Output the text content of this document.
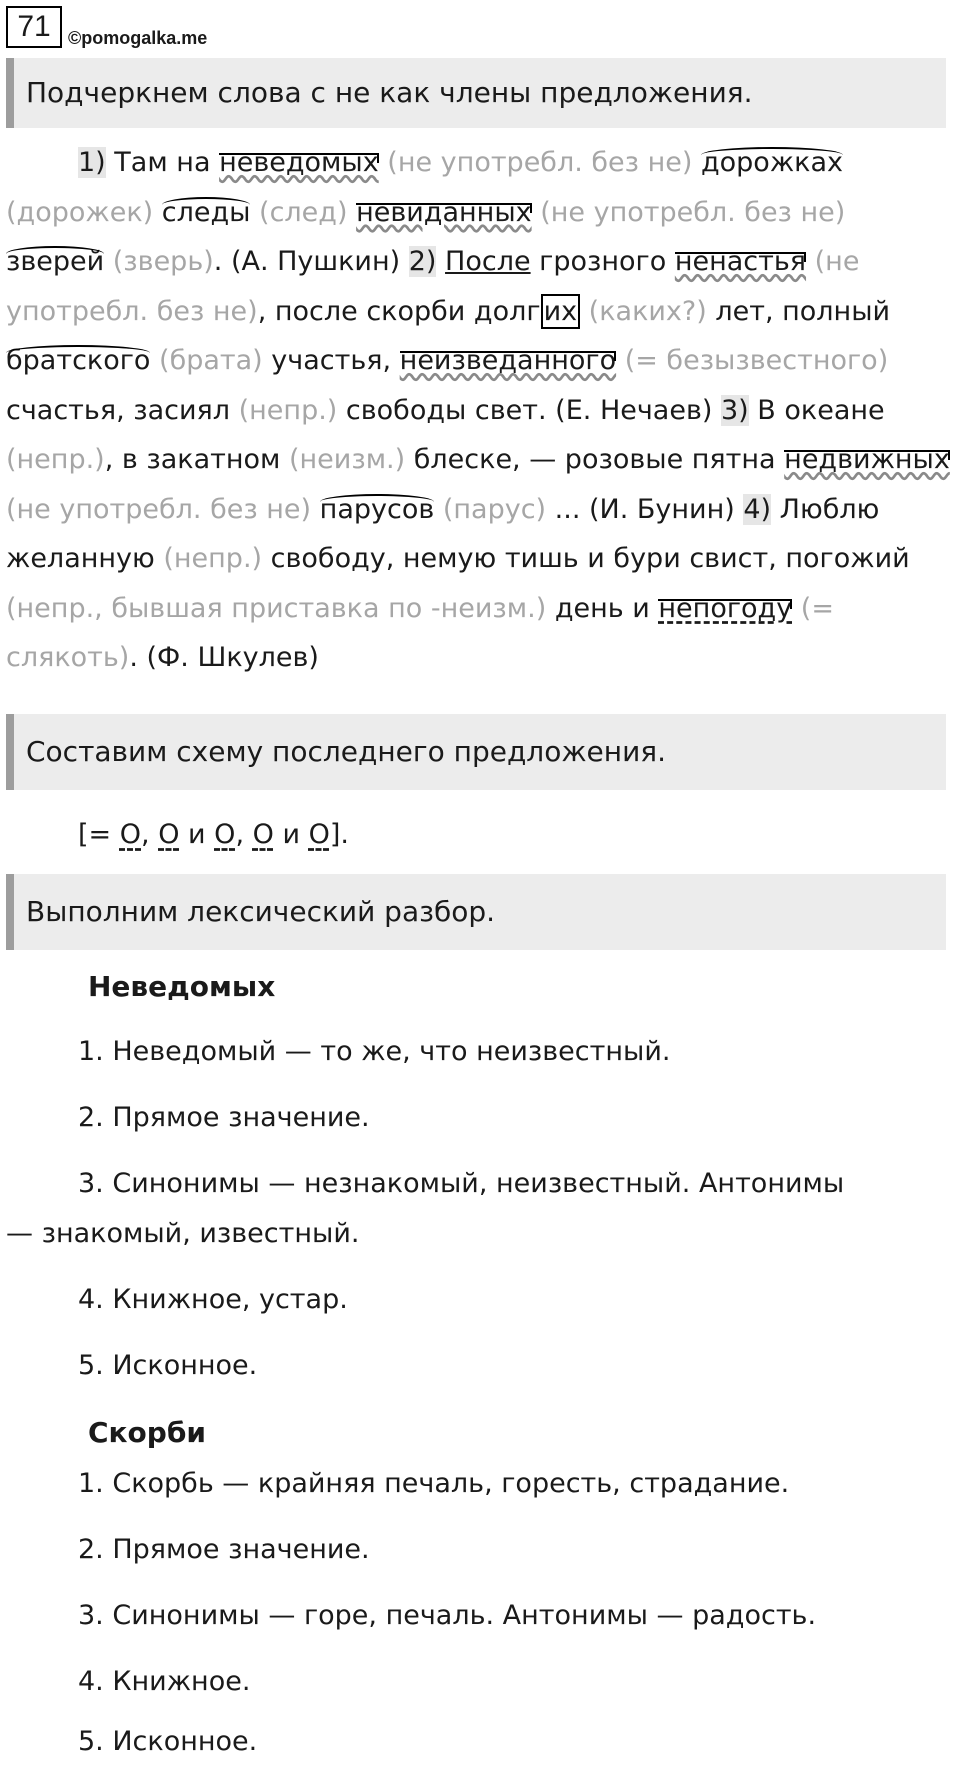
71 ©pomogalka.me
Подчеркнем слова с не как члены предложения.

1) Там на неведомых (не употребл. без не) дорожках (дорожек) следы (след) невиданных (не употребл. без не) зверей (зверь). (А. Пушкин) 2) После грозного ненастья (не употребл. без не), после скорби долг их (каких?) лет, полный братского (брата) участья, неизведанного (= безызвестного) счастья, засиял (непр.) свободы свет. (Е. Нечаев) 3) В океане (непр.), в закатном (неизм.) блеске, — розовые пятна недвижных (не употребл. без не) парусов (парус) ... (И. Бунин) 4) Люблю желанную (непр.) свободу, немую тишь и бури свист, погожий (непр., бывшая приставка по -неизм.) день и непогоду (= слякоть). (Ф. Шкулев)

Составим схему последнего предложения.
[= О, О и О, О и О].
Выполним лексический разбор.
Неведомых
1. Неведомый — то же, что неизвестный.
2. Прямое значение.
3. Синонимы — незнакомый, неизвестный. Антонимы
— знакомый, известный.
4. Книжное, устар.
5. Исконное.
Скорби
1. Скорбь — крайняя печаль, горесть, страдание.
2. Прямое значение.
3. Синонимы — горе, печаль. Антонимы — радость.
4. Книжное.
5. Исконное.
